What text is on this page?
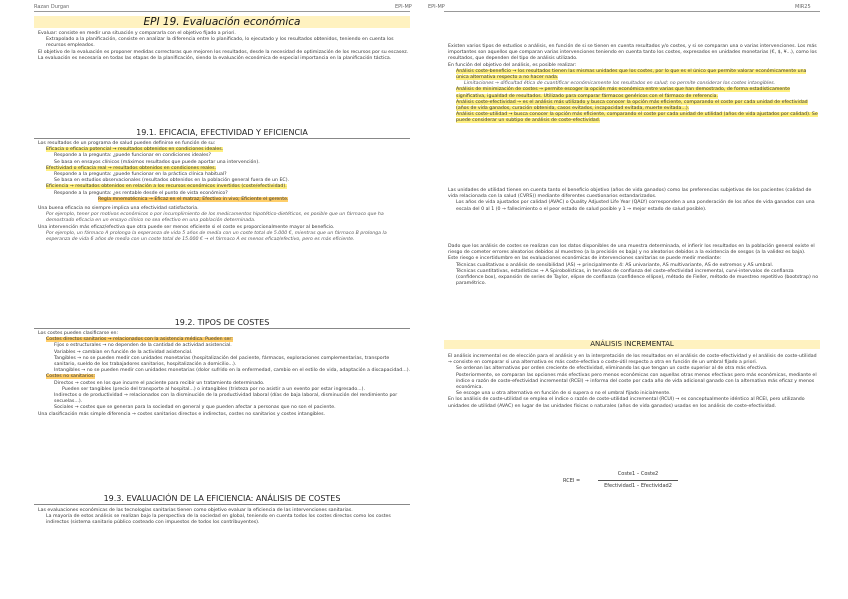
Razan Durgan	EPI-MP	EPI-MP	MIR25
EPI 19. Evaluación económica
Evaluar: consiste en medir una situación y compararla con el objetivo fijado a priori.
Extrapolado a la planificación, consiste en analizar la diferencia entre lo planificado, lo ejecutado y los resultados obtenidos, teniendo en cuenta los recursos empleados.
El objetivo de la evaluación es proponer medidas correctoras que mejoren los resultados, desde la necesidad de optimización de los recursos por su escasez.
La evaluación es necesaria en todas las etapas de la planificación, siendo la evaluación económica de especial importancia en la planificación táctica.
19.1. EFICACIA, EFECTIVIDAD Y EFICIENCIA
Los resultados de un programa de salud pueden definirse en función de su:
Eficacia o eficacia potencial → resultados obtenidos en condiciones ideales.
Responde a la pregunta: ¿puede funcionar en condiciones ideales?
Se basa en ensayos clínicos (máximos resultados que puede aportar una intervención).
Efectividad o eficacia real → resultados obtenidos en condiciones reales.
Responde a la pregunta: ¿puede funcionar en la práctica clínica habitual?
Se basa en estudios observacionales (resultados obtenidos en la población general fuera de un EC).
Eficiencia → resultados obtenidos en relación a los recursos económicos invertidos (coste/efectividad).
Responde a la pregunta: ¿es rentable desde el punto de vista económico?
Regla mnemotécnica → Eficaz en el matraz; Efectivo in vivo; Eficiente el gerente.
Una buena eficacia no siempre implica una efectividad satisfactoria.
Por ejemplo, tener por motivos económicos o por incumplimiento de los medicamentos hipotético-dietéticos, es posible que un fármaco que ha demostrado eficacia en un ensayo clínico no sea efectivo en una población determinada.
Una intervención más eficaz/efectiva que otra puede ser menos eficiente si el coste es proporcionalmente mayor al beneficio.
Por ejemplo, un fármaco A prolonga la esperanza de vida 5 años de media con un coste total de 5.000 €, mientras que un fármaco B prolonga la esperanza de vida 6 años de media con un coste total de 15.000 € → el fármaco A es menos eficaz/efectivo, pero es más eficiente.
19.2. TIPOS DE COSTES
Los costes pueden clasificarse en:
Costes directos sanitarios → relacionados con la asistencia médica. Pueden ser:
Fijos o estructurales → no dependen de la cantidad de actividad asistencial.
Variables → cambian en función de la actividad asistencial.
Tangibles → no se pueden medir con unidades monetarias (hospitalización del paciente, fármacos, exploraciones complementarias, transporte sanitario, sueldo de los trabajadores sanitarios, hospitalización a domicilio...).
Intangibles → no se pueden medir con unidades monetarias (dolor sufrido en la enfermedad, cambio en el estilo de vida, adaptación a discapacidad...).
Costes no sanitarios:
Directos → costes en los que incurre el paciente para recibir un tratamiento determinado.
Pueden ser tangibles (precio del transporte al hospital...) o intangibles (tristeza por no asistir a un evento por estar ingresado...).
Indirectos o de productividad → relacionados con la disminución de la productividad laboral (días de baja laboral, disminución del rendimiento por secuelas...).
Sociales → costes que se generan para la sociedad en general y que pueden afectar a personas que no son el paciente.
Una clasificación más simple diferencia → costes sanitarios directos e indirectos, costes no sanitarios y costes intangibles.
19.3. EVALUACIÓN DE LA EFICIENCIA: ANÁLISIS DE COSTES
Las evaluaciones económicas de las tecnologías sanitarias tienen como objetivo evaluar la eficiencia de las intervenciones sanitarias.
La mayoría de estos análisis se realizan bajo la perspectiva de la sociedad en global, teniendo en cuenta todos los costes directos como los costes indirectos (sistema sanitario público costeado con impuestos de todos los contribuyentes).
Existen varios tipos de estudios o análisis, en función de si se tienen en cuenta resultados y/o costes, y si se comparan una o varias intervenciones. Los más importantes son aquellos que comparan varias intervenciones teniendo en cuenta tanto los costes, expresados en unidades monetarias (€, $, ¥...), como los resultados, que dependen del tipo de análisis utilizado.
En función del objetivo del análisis, es posible realizar:
Análisis coste-beneficio → los resultados tienen las mismas unidades que los costes, por lo que es el único que permite valorar económicamente una única alternativa respecto a no hacer nada.
Limitaciones → dificultad ética de cuantificar económicamente los resultados en salud; no permite considerar los costes intangibles.
Análisis de minimización de costes → permite escoger la opción más económica entre varias que han demostrado, de forma estadísticamente significativa, igualdad de resultados. Utilizado para comparar fármacos genéricos con el fármaco de referencia.
Análisis coste-efectividad → es el análisis más utilizado y busca conocer la opción más eficiente, comparando el coste por cada unidad de efectividad (años de vida ganados, curación obtenida, casos evitados, incapacidad evitada, muerte evitada...).
Análisis coste-utilidad → busca conocer la opción más eficiente, comparando el coste por cada unidad de utilidad (años de vida ajustados por calidad). Se puede considerar un subtipo de análisis de coste-efectividad.
Las unidades de utilidad tienen en cuenta tanto el beneficio objetivo (años de vida ganados) como las preferencias subjetivas de los pacientes (calidad de vida relacionada con la salud (CVRS)) mediante diferentes cuestionarios estandarizados.
Los años de vida ajustados por calidad (AVAC) o Quality Adjusted Life Year (QALY) corresponden a una ponderación de los años de vida ganados con una escala del 0 al 1 (0 → fallecimiento o el peor estado de salud posible y 1 → mejor estado de salud posible).
Dado que los análisis de costes se realizan con los datos disponibles de una muestra determinada, el infierir los resultados en la población general existe el riesgo de cometer errores aleatorios debidos al muestreo (a la precisión es baja) y no aleatorios debidos a la existencia de sesgos (a la validez es baja).
Este riesgo e incertidumbre en las evaluaciones económicas de intervenciones sanitarias se puede medir mediante:
Técnicas cualitativas o análisis de sensibilidad (AS) → principalmente 4: AS univariante, AS multivariante, AS de extremos y AS umbral.
Técnicas cuantitativas, estadísticas → A Spirobolísticas, in terválos de confianza del coste-efectividad incremental, curvi-intervalos de confianza (confidence box), expansión de series de Taylor, elipse de confianza (confidence ellipse), método de Fieller, método de muestreo repetitivo (bootstrap) no paramétrico.
ANÁLISIS INCREMENTAL
El análisis incremental es de elección para el análisis y en la interpretación de los resultados en el análisis de coste-efectividad y el análisis de coste-utilidad → consiste en comparar si una alternativa es más coste-efectiva o coste-útil respecto a otra en función de un umbral fijado a priori.
Se ordenan las alternativas por orden creciente de efectividad, eliminando las que tengan un coste superior al de otra más efectiva.
Posteriormente, se comparan las opciones más efectivas pero menos económicas con aquellas otras menos efectivas pero más económicas, mediante el índice o razón de coste-efectividad incremental (RCEI) → informa del coste por cada año de vida adicional ganado con la alternativa más eficaz y menos económica.
Se escoge una u otra alternativa en función de si supera o no el umbral fijado inicialmente.
En los análisis de coste-utilidad se emplea el índice o razón de coste-utilidad incremental (RCUI) → es conceptualmente idéntico al RCEI, pero utilizando unidades de utilidad (AVAC) en lugar de las unidades físicas o naturales (años de vida ganados) usadas en los análisis de coste-efectividad.
RCEI =
Coste1 – Coste2
Efectividad1 – Efectividad2
